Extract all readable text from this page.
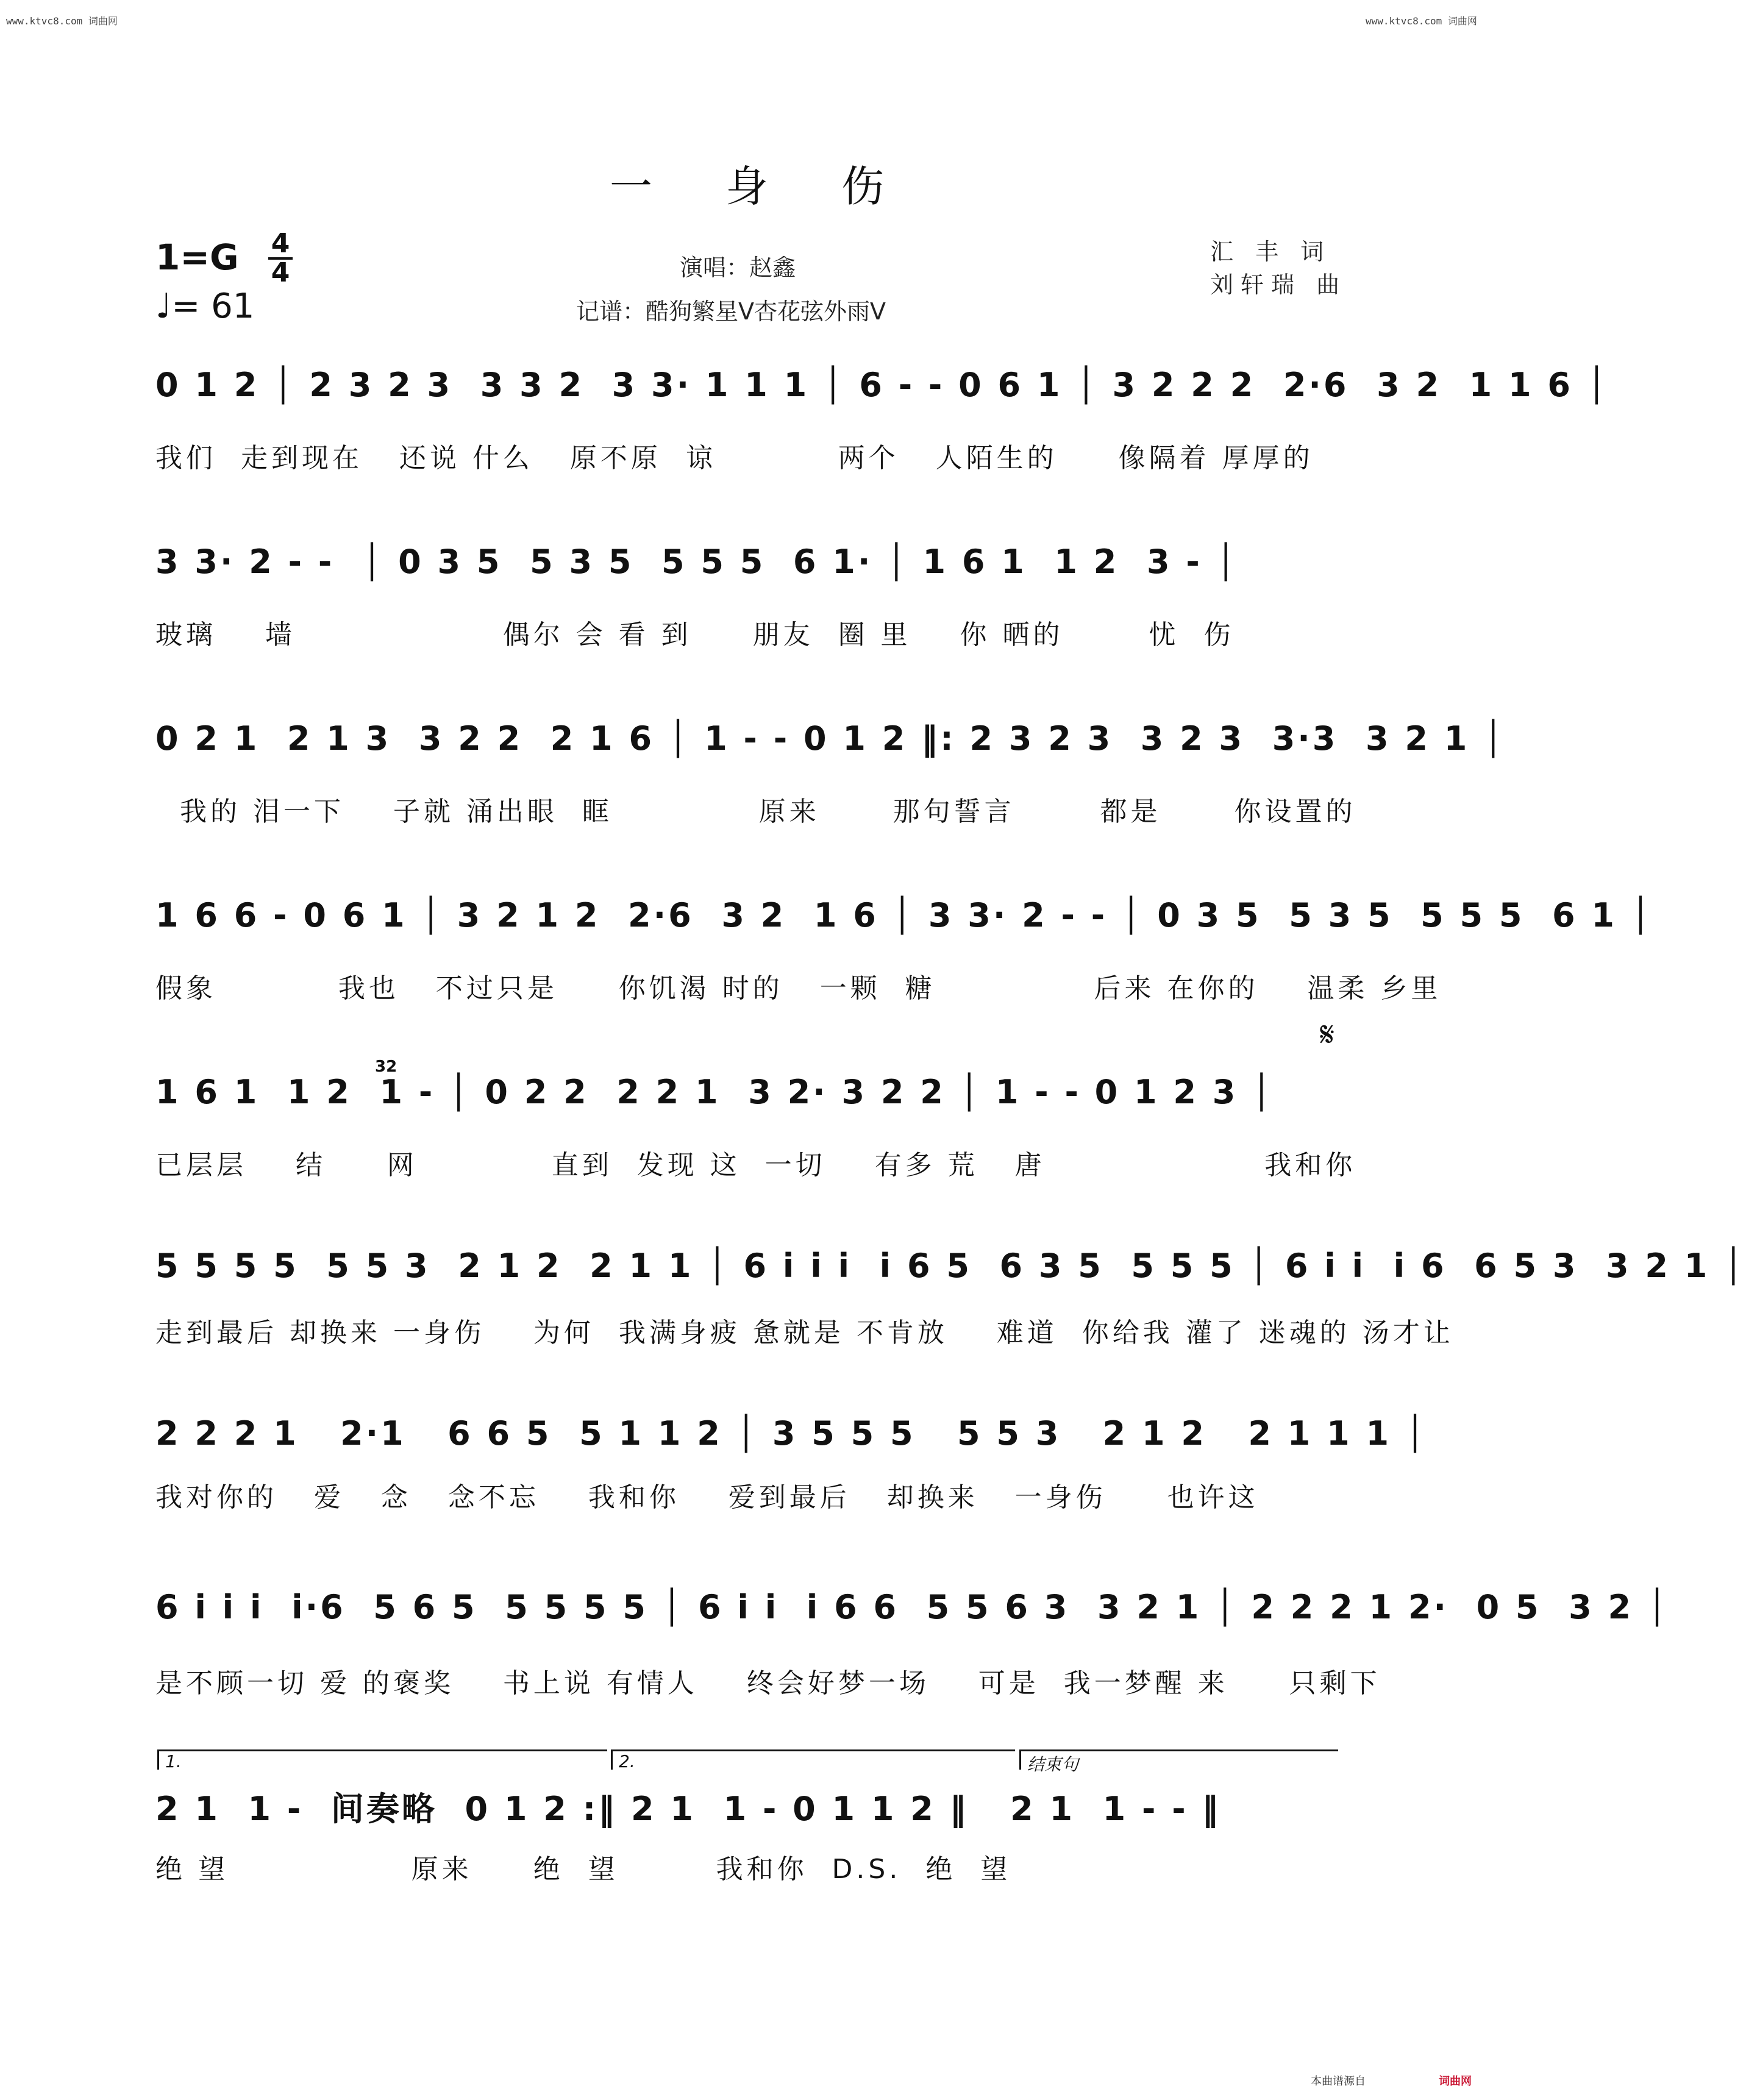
www.ktvc8.com 词曲网	www.ktvc8.com 词曲网
一身伤
1=G 4
4
♩= 61
演唱：赵鑫
记谱：酷狗繁星V杏花弦外雨V
汇 丰 词
刘轩瑞 曲
0 1 2 │ 2 3 2 3  3 3 2  3 3· 1 1 1 │ 6 - - 0 6 1 │ 3 2 2 2  2·6  3 2  1 1 6 │
我们  走到现在   还说 什么   原不原  谅          两个   人陌生的     像隔着 厚厚的
3 3· 2 - -  │ 0 3 5  5 3 5  5 5 5  6 1· │ 1 6 1  1 2  3 - │
玻璃    墙                 偶尔 会 看 到     朋友  圈 里    你 晒的       忧  伤
0 2 1  2 1 3  3 2 2  2 1 6 │ 1 - - 0 1 2 ‖: 2 3 2 3  3 2 3  3·3  3 2 1 │
我的 泪一下    子就 涌出眼  眶            原来      那句誓言       都是      你设置的
1 6 6 - 0 6 1 │ 3 2 1 2  2·6  3 2  1 6 │ 3 3· 2 - - │ 0 3 5  5 3 5  5 5 5  6 1 │
假象          我也   不过只是     你饥渴 时的   一颗  糖             后来 在你的    温柔 乡里
𝄋
32
1 6 1  1 2  1 - │ 0 2 2  2 2 1  3 2· 3 2 2 │ 1 - - 0 1 2 3 │
已层层    结     网           直到  发现 这  一切    有多 荒   唐                  我和你
5 5 5 5  5 5 3  2 1 2  2 1 1 │ 6 i i i  i 6 5  6 3 5  5 5 5 │ 6 i i  i 6  6 5 3  3 2 1 │
走到最后 却换来 一身伤    为何  我满身疲 惫就是 不肯放    难道  你给我 灌了 迷魂的 汤才让
2 2 2 1   2·1   6 6 5  5 1 1 2 │ 3 5 5 5   5 5 3   2 1 2   2 1 1 1 │
我对你的   爱   念   念不忘    我和你    爱到最后   却换来   一身伤     也许这
6 i i i  i·6  5 6 5  5 5 5 5 │ 6 i i  i 6 6  5 5 6 3  3 2 1 │ 2 2 2 1 2·  0 5  3 2 │
是不顾一切 爱 的褒奖    书上说 有情人    终会好梦一场    可是  我一梦醒 来     只剩下
1.	2.	结束句
2 1  1 -  间奏略  0 1 2 :‖ 2 1  1 - 0 1 1 2 ‖   2 1  1 - - ‖
绝 望               原来     绝  望        我和你  D.S.  绝  望
本曲谱源自	词曲网
